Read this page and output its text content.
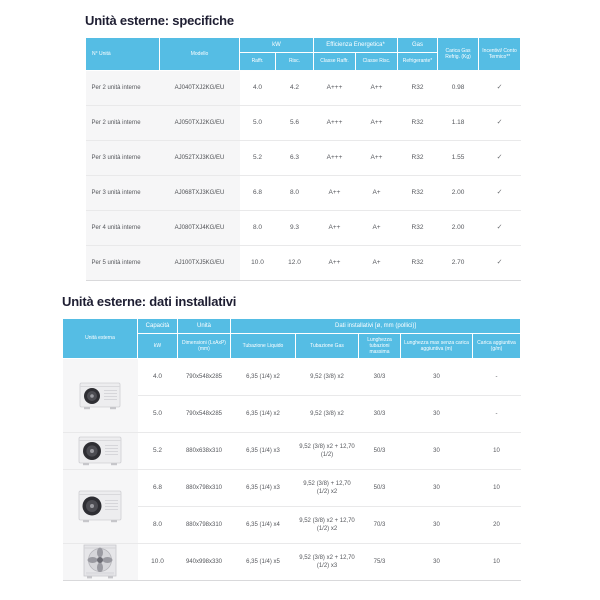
Unità esterne: specifiche
N° Unità	Modello	kW		Efficienza Energetica*		Gas	Carica Gas Refrig. (Kg)	Incentivi/ Conto Termico**
		Raffr.	Risc.	Classe Raffr.	Classe Risc.	Refrigerante*		
Per 2 unità interne	AJ040TXJ2KG/EU	4.0	4.2	A+++	A++	R32	0.98	✓
Per 2 unità interne	AJ050TXJ2KG/EU	5.0	5.6	A+++	A++	R32	1.18	✓
Per 3 unità interne	AJ052TXJ3KG/EU	5.2	6.3	A+++	A++	R32	1.55	✓
Per 3 unità interne	AJ068TXJ3KG/EU	6.8	8.0	A++	A+	R32	2.00	✓
Per 4 unità interne	AJ080TXJ4KG/EU	8.0	9.3	A++	A+	R32	2.00	✓
Per 5 unità interne	AJ100TXJ5KG/EU	10.0	12.0	A++	A+	R32	2.70	✓
Unità esterne: dati installativi
Unità esterna	Capacità	Unità	Dati installativi [ø, mm (pollici)]				
	kW	Dimensioni (LxAxP) (mm)	Tubazione Liquido	Tubazione Gas	Lunghezza tubazioni massima	Lunghezza max senza carica aggiuntiva (m)	Carica aggiuntiva (g/m)

	4.0	790x548x285	6,35 (1/4) x2	9,52 (3/8) x2	30/3	30	-
	5.0	790x548x285	6,35 (1/4) x2	9,52 (3/8) x2	30/3	30	-

	5.2	880x638x310	6,35 (1/4) x3	9,52 (3/8) x2 + 12,70 (1/2)	50/3	30	10

	6.8	880x798x310	6,35 (1/4) x3	9,52 (3/8) + 12,70 (1/2) x2	50/3	30	10
	8.0	880x798x310	6,35 (1/4) x4	9,52 (3/8) x2 + 12,70 (1/2) x2	70/3	30	20

	10.0	940x998x330	6,35 (1/4) x5	9,52 (3/8) x2 + 12,70 (1/2) x3	75/3	30	10
